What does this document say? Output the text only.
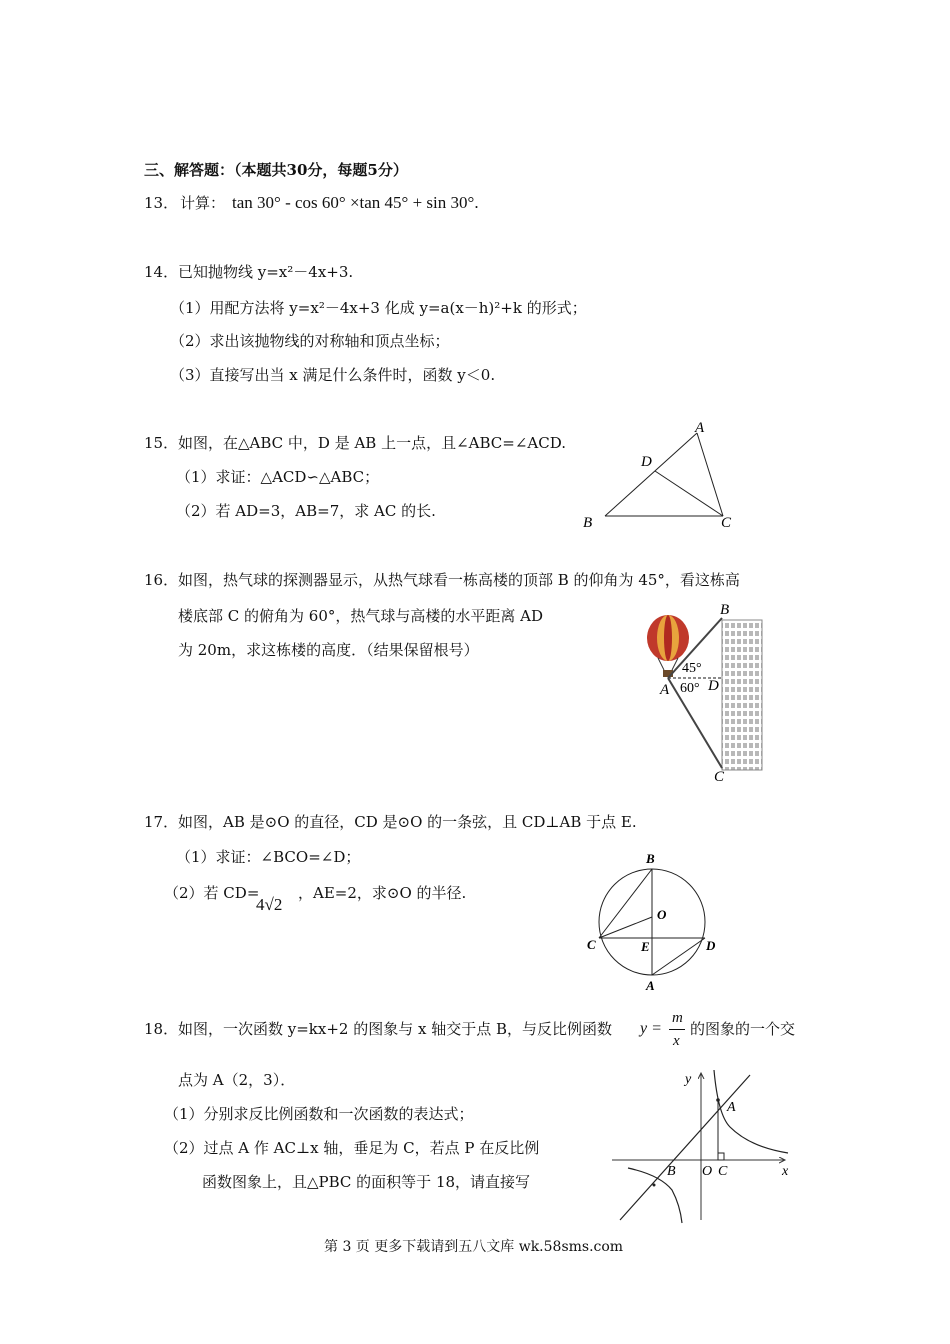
三、解答题：（本题共30分，每题5分）
13． 计算： tan 30° - cos 60° ×tan 45° + sin 30°.
14． 已知抛物线 y=x²－4x+3.
（1）用配方法将 y=x²－4x+3 化成 y=a(x－h)²+k 的形式；
（2）求出该抛物线的对称轴和顶点坐标；
（3）直接写出当 x 满足什么条件时，函数 y＜0.
15． 如图，在△ABC 中，D 是 AB 上一点，且∠ABC=∠ACD.
（1）求证：△ACD∽△ABC；
（2）若 AD=3，AB=7，求 AC 的长.
A
D
B	C
16． 如图，热气球的探测器显示，从热气球看一栋高楼的顶部 B 的仰角为 45°，看这栋高
楼底部 C 的俯角为 60°，热气球与高楼的水平距离 AD
为 20m，求这栋楼的高度．（结果保留根号）
B
A	D
C
45°
60°
17． 如图，AB 是⊙O 的直径，CD 是⊙O 的一条弦，且 CD⊥AB 于点 E.
（1）求证：∠BCO=∠D；
（2）若 CD=
4√2
，AE=2，求⊙O 的半径.
B
O
C	E	D
A
18． 如图，一次函数 y=kx+2 的图象与 x 轴交于点 B，与反比例函数 y =
m
x
的图象的一个交
点为 A（2，3）．
（1）分别求反比例函数和一次函数的表达式；
（2）过点 A 作 AC⊥x 轴，垂足为 C，若点 P 在反比例
函数图象上，且△PBC 的面积等于 18，请直接写
y
x
A
B O C
第 3 页 更多下载请到五八文库 wk.58sms.com
